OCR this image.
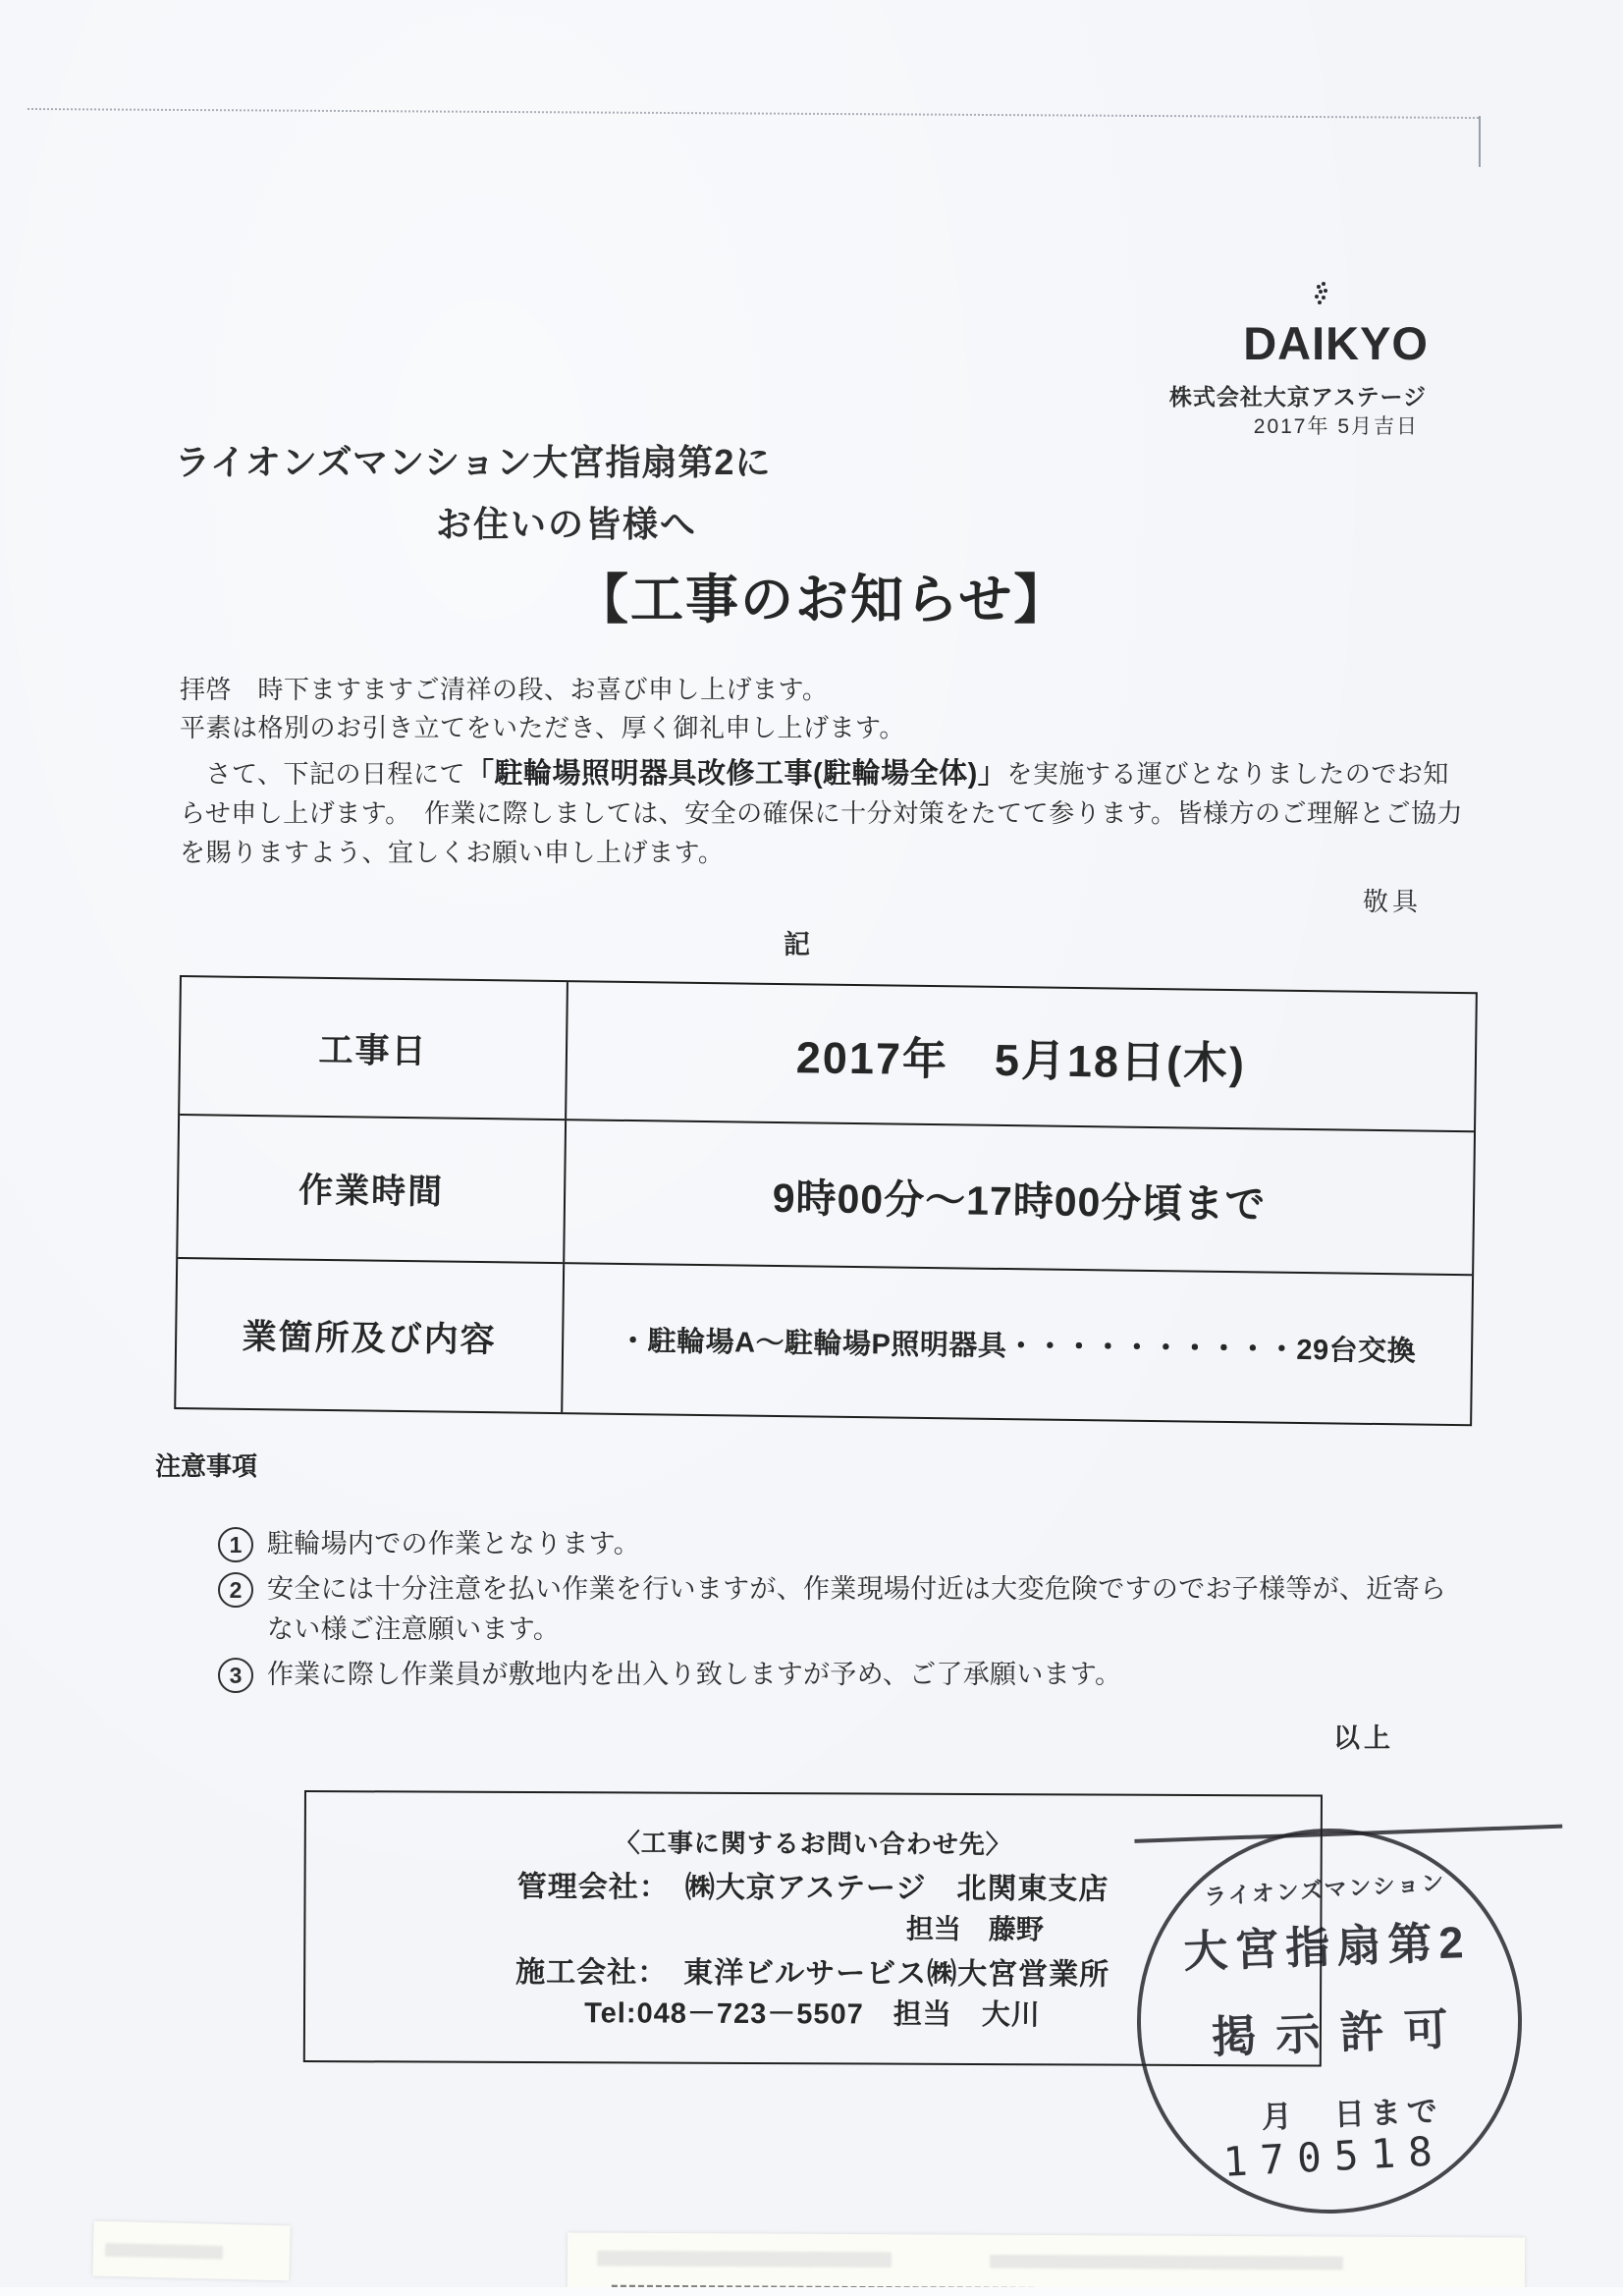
DAIKYO
株式会社大京アステージ
2017年 5月吉日
ライオンズマンション大宮指扇第2に
お住いの皆様へ
【工事のお知らせ】
拝啓　時下ますますご清祥の段、お喜び申し上げます。
平素は格別のお引き立てをいただき、厚く御礼申し上げます。
　さて、下記の日程にて「駐輪場照明器具改修工事(駐輪場全体)」を実施する運びとなりましたのでお知らせ申し上げます。　作業に際しましては、安全の確保に十分対策をたてて参ります。皆様方のご理解とご協力を賜りますよう、宜しくお願い申し上げます。
敬具
記
工事日	2017年　5月18日(木)
作業時間	9時00分～17時00分頃まで
業箇所及び内容	・駐輪場A～駐輪場P照明器具・・・・・・・・・・29台交換
注意事項
1 駐輪場内での作業となります。
2 安全には十分注意を払い作業を行いますが、作業現場付近は大変危険ですのでお子様等が、近寄らない様ご注意願います。
3 作業に際し作業員が敷地内を出入り致しますが予め、ご了承願います。
以上
〈工事に関するお問い合わせ先〉
管理会社：　㈱大京アステージ　北関東支店
担当　藤野
施工会社：　東洋ビルサービス㈱大宮営業所
Tel:048－723－5507　担当　大川
ライオンズマンション
大宮指扇第2
掲示許可
月　日まで
170518
